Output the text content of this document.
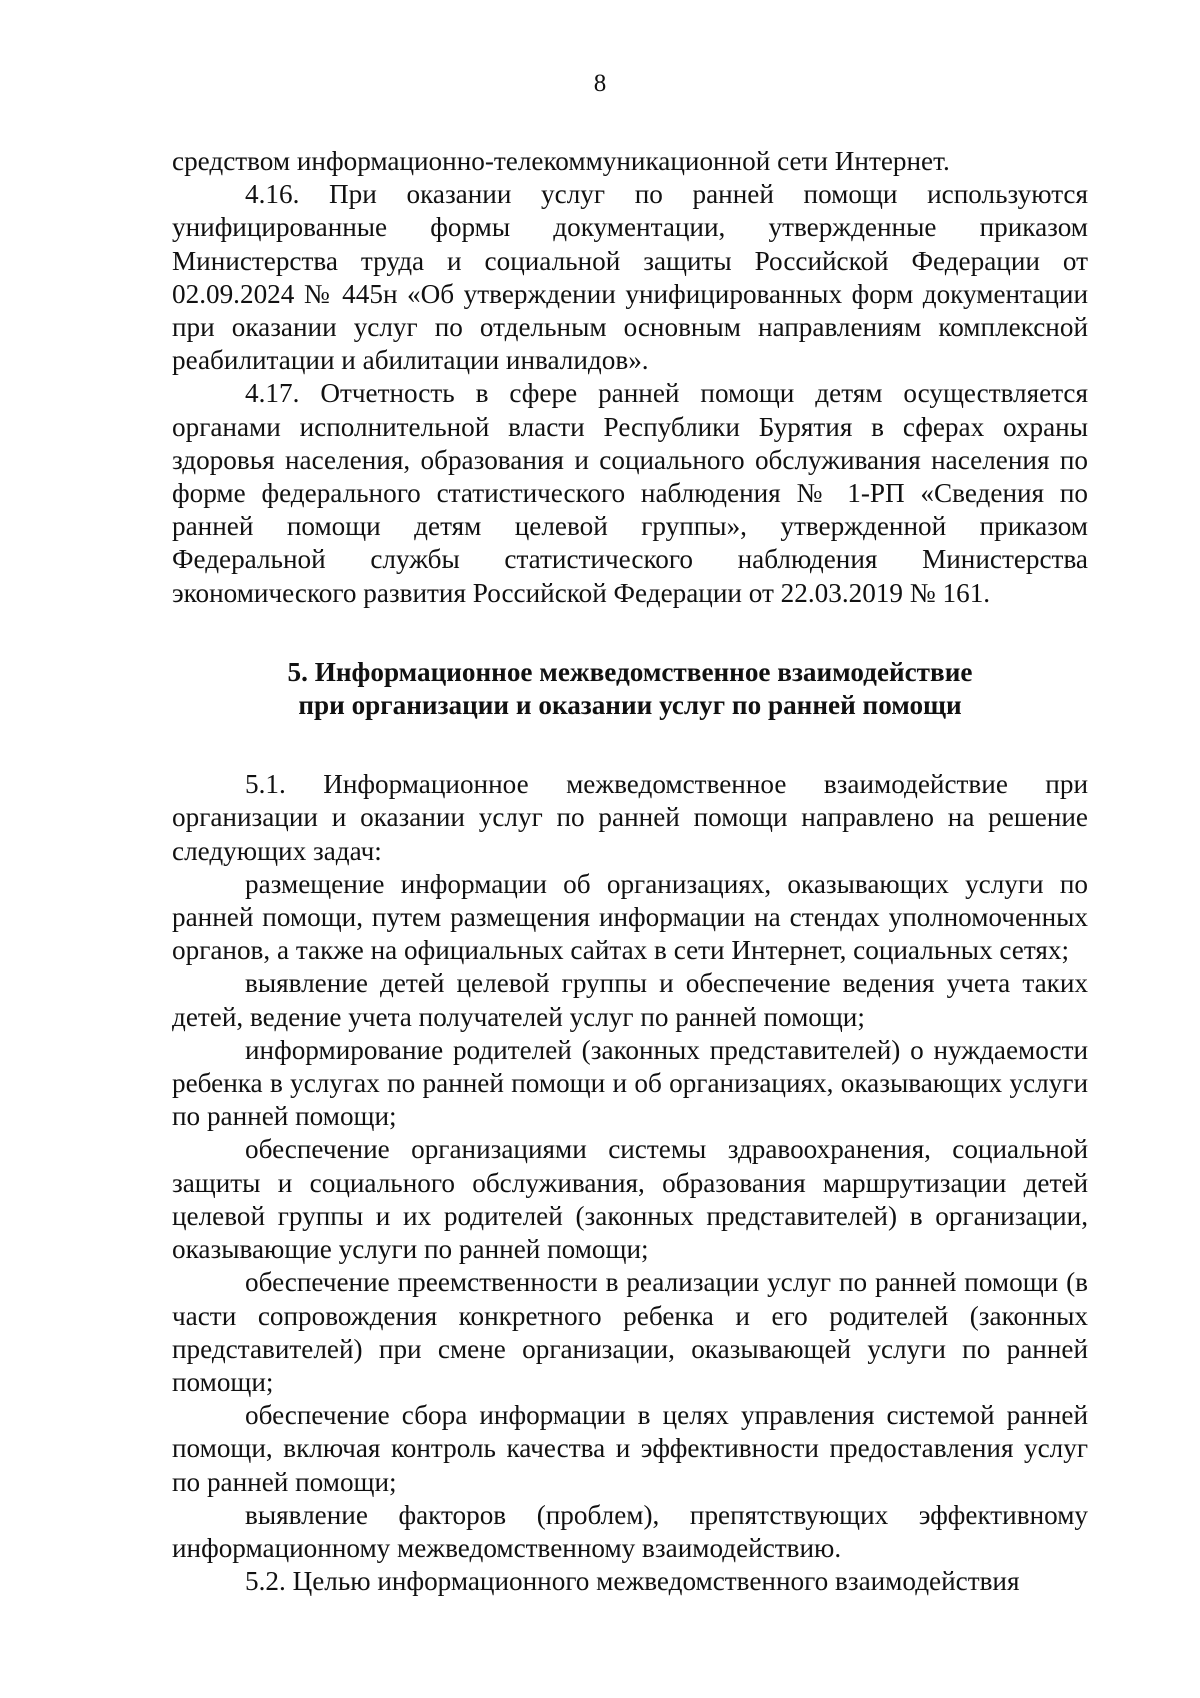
8

средством информационно-телекоммуникационной сети Интернет.

4.16. При оказании услуг по ранней помощи используются унифицированные формы документации, утвержденные приказом Министерства труда и социальной защиты Российской Федерации от 02.09.2024 № 445н «Об утверждении унифицированных форм документации при оказании услуг по отдельным основным направлениям комплексной реабилитации и абилитации инвалидов».

4.17. Отчетность в сфере ранней помощи детям осуществляется органами исполнительной власти Республики Бурятия в сферах охраны здоровья населения, образования и социального обслуживания населения по форме федерального статистического наблюдения № 1-РП «Сведения по ранней помощи детям целевой группы», утвержденной приказом Федеральной службы статистического наблюдения Министерства экономического развития Российской Федерации от 22.03.2019 № 161.

5. Информационное межведомственное взаимодействие
при организации и оказании услуг по ранней помощи

5.1. Информационное межведомственное взаимодействие при организации и оказании услуг по ранней помощи направлено на решение следующих задач:

размещение информации об организациях, оказывающих услуги по ранней помощи, путем размещения информации на стендах уполномоченных органов, а также на официальных сайтах в сети Интернет, социальных сетях;

выявление детей целевой группы и обеспечение ведения учета таких детей, ведение учета получателей услуг по ранней помощи;

информирование родителей (законных представителей) о нуждаемости ребенка в услугах по ранней помощи и об организациях, оказывающих услуги по ранней помощи;

обеспечение организациями системы здравоохранения, социальной защиты и социального обслуживания, образования маршрутизации детей целевой группы и их родителей (законных представителей) в организации, оказывающие услуги по ранней помощи;

обеспечение преемственности в реализации услуг по ранней помощи (в части сопровождения конкретного ребенка и его родителей (законных представителей) при смене организации, оказывающей услуги по ранней помощи;

обеспечение сбора информации в целях управления системой ранней помощи, включая контроль качества и эффективности предоставления услуг по ранней помощи;

выявление факторов (проблем), препятствующих эффективному информационному межведомственному взаимодействию.

5.2. Целью информационного межведомственного взаимодействия
